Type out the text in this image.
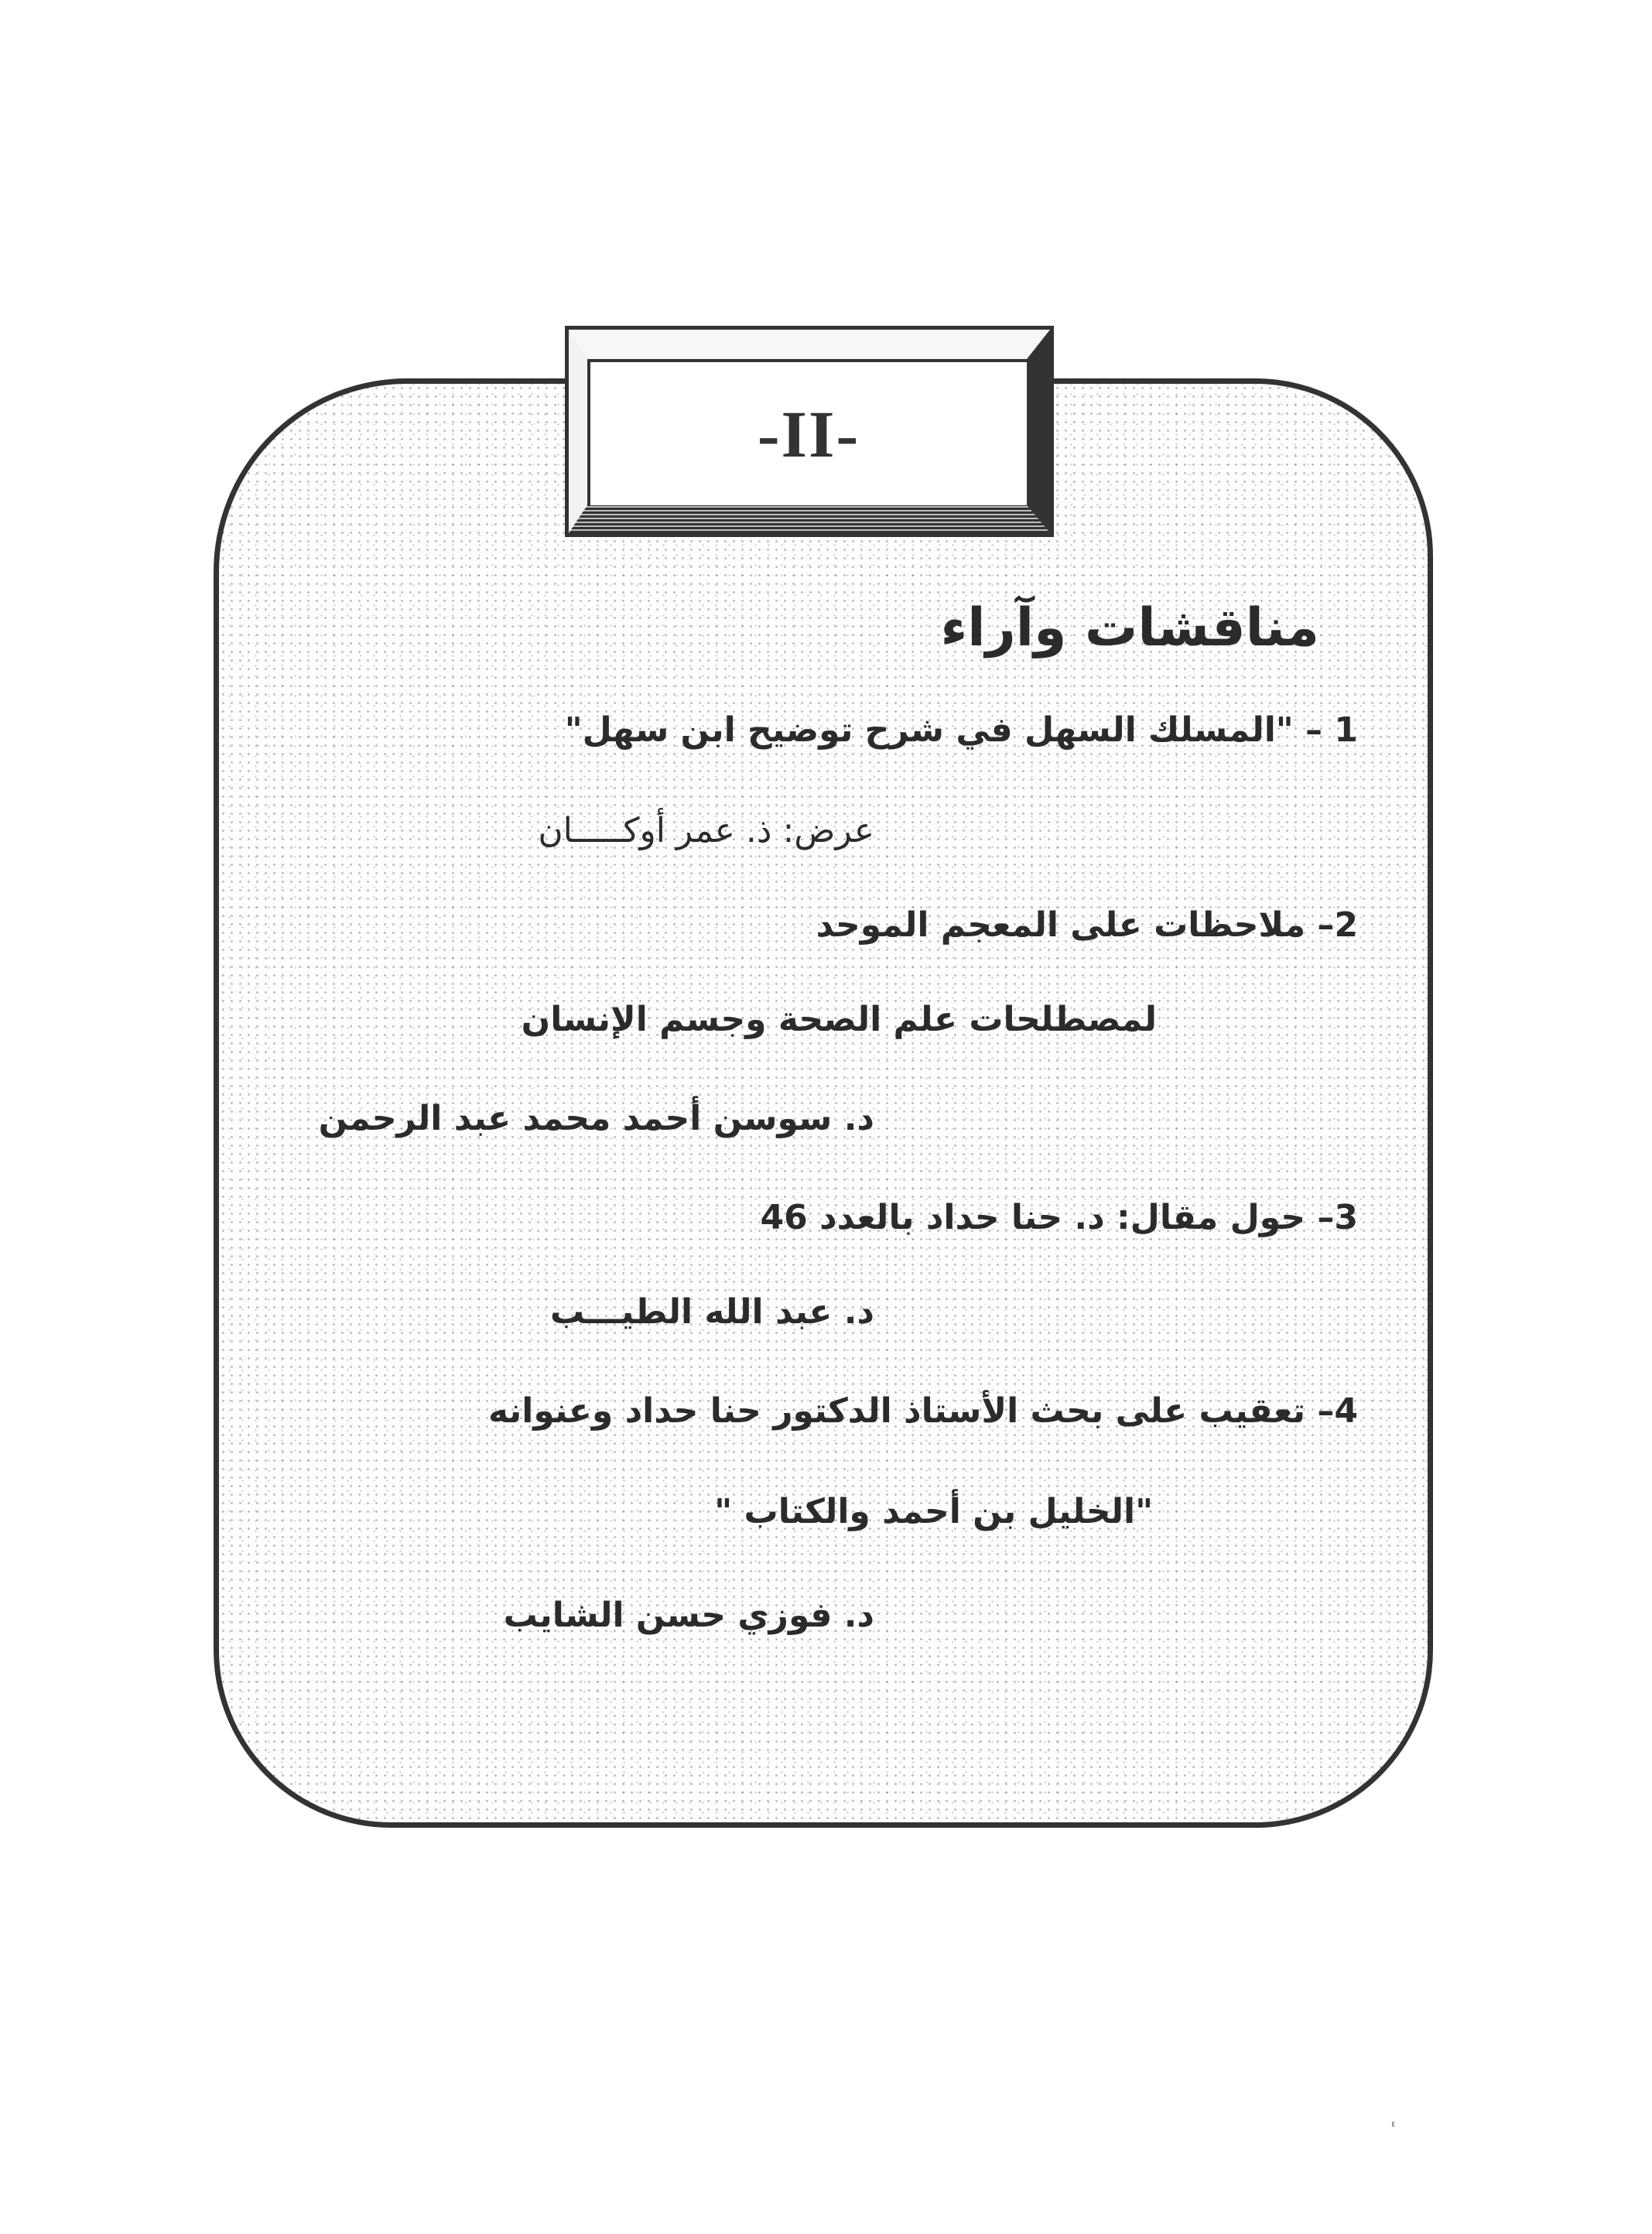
-II-
مناقشات وآراء
1 – "المسلك السهل في شرح توضيح ابن سهل"
عرض: ذ. عمر أوكـــــان
2– ملاحظات على المعجم الموحد
لمصطلحات علم الصحة وجسم الإنسان
د. سوسن أحمد محمد عبد الرحمن
3– حول مقال: د. حنا حداد بالعدد 46
د. عبد الله الطيـــب
4– تعقيب على بحث الأستاذ الدكتور حنا حداد وعنوانه
"الخليل بن أحمد والكتاب "
د. فوزي حسن الشايب
٤
